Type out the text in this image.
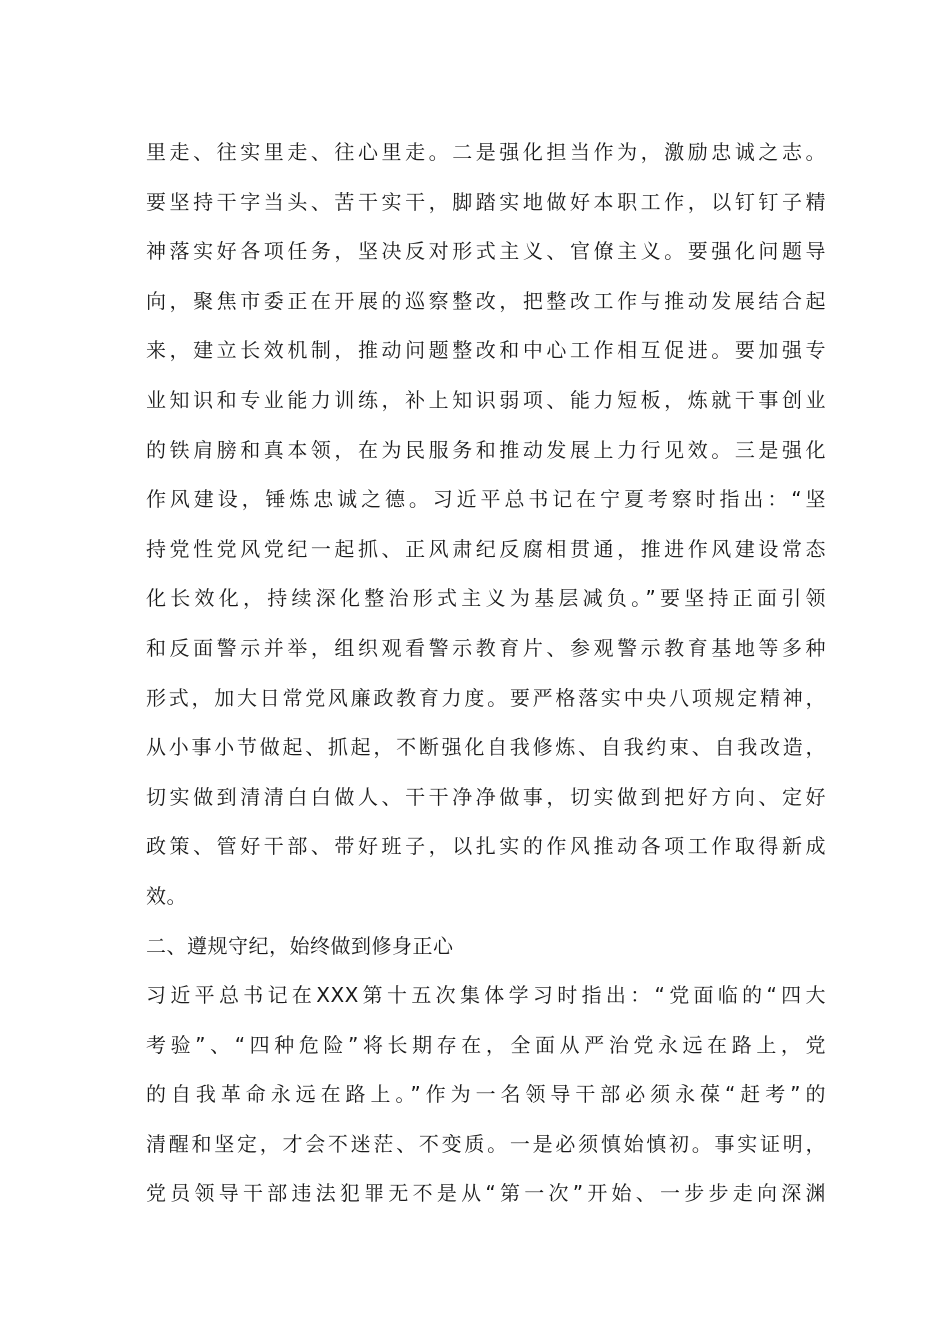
里走、往实里走、往心里走。二是强化担当作为，激励忠诚之志。
要坚持干字当头、苦干实干，脚踏实地做好本职工作，以钉钉子精
神落实好各项任务，坚决反对形式主义、官僚主义。要强化问题导
向，聚焦市委正在开展的巡察整改，把整改工作与推动发展结合起
来，建立长效机制，推动问题整改和中心工作相互促进。要加强专
业知识和专业能力训练，补上知识弱项、能力短板，炼就干事创业
的铁肩膀和真本领，在为民服务和推动发展上力行见效。三是强化
作风建设，锤炼忠诚之德。习近平总书记在宁夏考察时指出：“坚
持党性党风党纪一起抓、正风肃纪反腐相贯通，推进作风建设常态
化长效化，持续深化整治形式主义为基层减负。”要坚持正面引领
和反面警示并举，组织观看警示教育片、参观警示教育基地等多种
形式，加大日常党风廉政教育力度。要严格落实中央八项规定精神，
从小事小节做起、抓起，不断强化自我修炼、自我约束、自我改造，
切实做到清清白白做人、干干净净做事，切实做到把好方向、定好
政策、管好干部、带好班子，以扎实的作风推动各项工作取得新成
效。
二、遵规守纪，始终做到修身正心
习近平总书记在XXX第十五次集体学习时指出：“党面临的“四大
考验”、“四种危险”将长期存在，全面从严治党永远在路上，党
的自我革命永远在路上。”作为一名领导干部必须永葆“赶考”的
清醒和坚定，才会不迷茫、不变质。一是必须慎始慎初。事实证明，
党员领导干部违法犯罪无不是从“第一次”开始、一步步走向深渊
